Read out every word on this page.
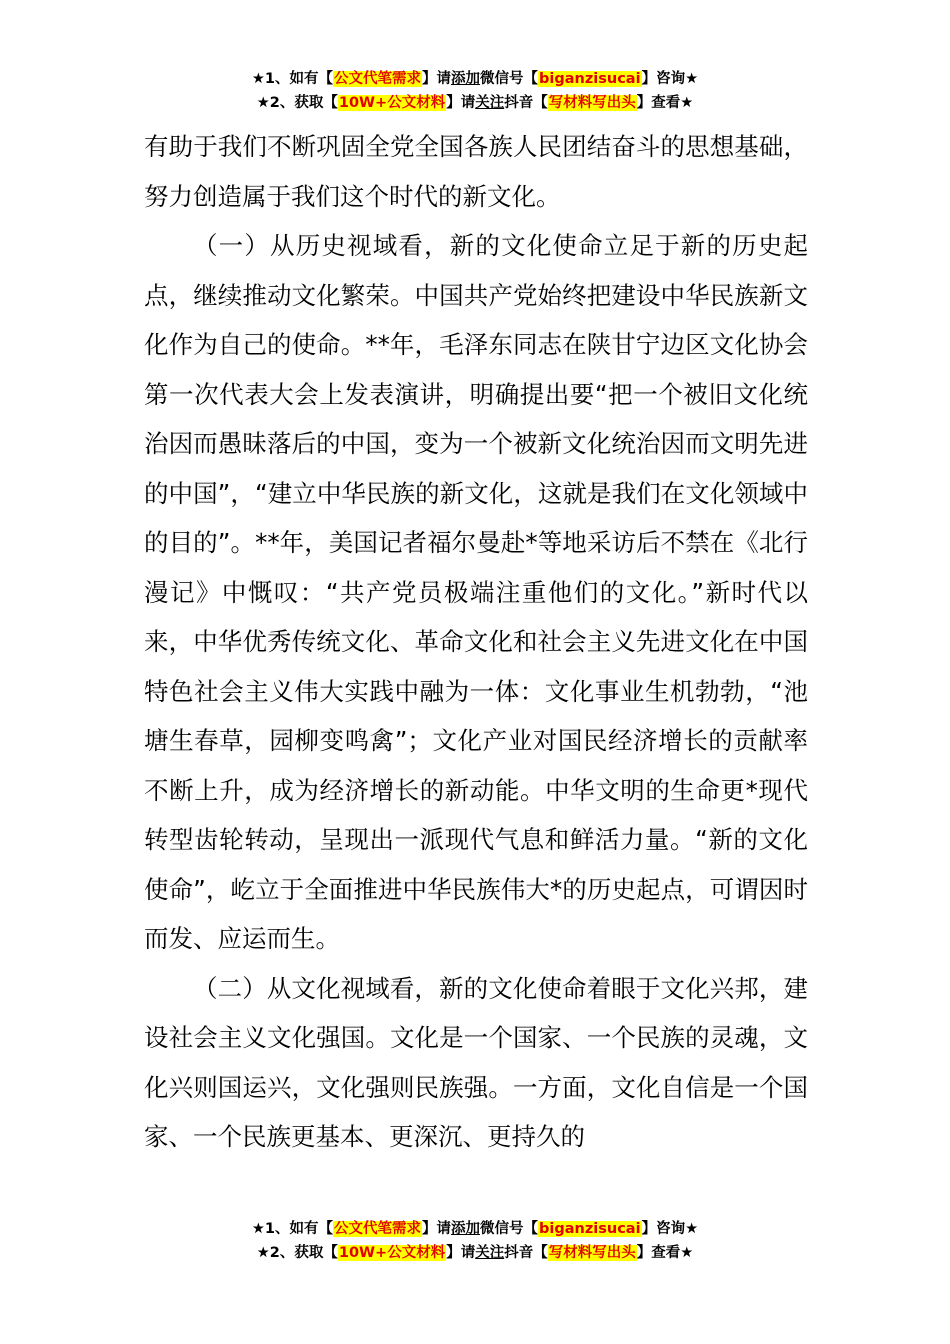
★1、如有【公文代笔需求】请添加微信号【biganzisucai】咨询★
★2、获取【10W+公文材料】请关注抖音【写材料写出头】查看★

有助于我们不断巩固全党全国各族人民团结奋斗的思想基础，努力创造属于我们这个时代的新文化。

（一）从历史视域看，新的文化使命立足于新的历史起点，继续推动文化繁荣。中国共产党始终把建设中华民族新文化作为自己的使命。**年，毛泽东同志在陕甘宁边区文化协会第一次代表大会上发表演讲，明确提出要“把一个被旧文化统治因而愚昧落后的中国，变为一个被新文化统治因而文明先进的中国”，“建立中华民族的新文化，这就是我们在文化领域中的目的”。**年，美国记者福尔曼赴*等地采访后不禁在《北行漫记》中慨叹：“共产党员极端注重他们的文化。”新时代以来，中华优秀传统文化、革命文化和社会主义先进文化在中国特色社会主义伟大实践中融为一体：文化事业生机勃勃，“池塘生春草，园柳变鸣禽”；文化产业对国民经济增长的贡献率不断上升，成为经济增长的新动能。中华文明的生命更*现代转型齿轮转动，呈现出一派现代气息和鲜活力量。“新的文化使命”，屹立于全面推进中华民族伟大*的历史起点，可谓因时而发、应运而生。

（二）从文化视域看，新的文化使命着眼于文化兴邦，建设社会主义文化强国。文化是一个国家、一个民族的灵魂，文化兴则国运兴，文化强则民族强。一方面，文化自信是一个国家、一个民族更基本、更深沉、更持久的

★1、如有【公文代笔需求】请添加微信号【biganzisucai】咨询★
★2、获取【10W+公文材料】请关注抖音【写材料写出头】查看★
